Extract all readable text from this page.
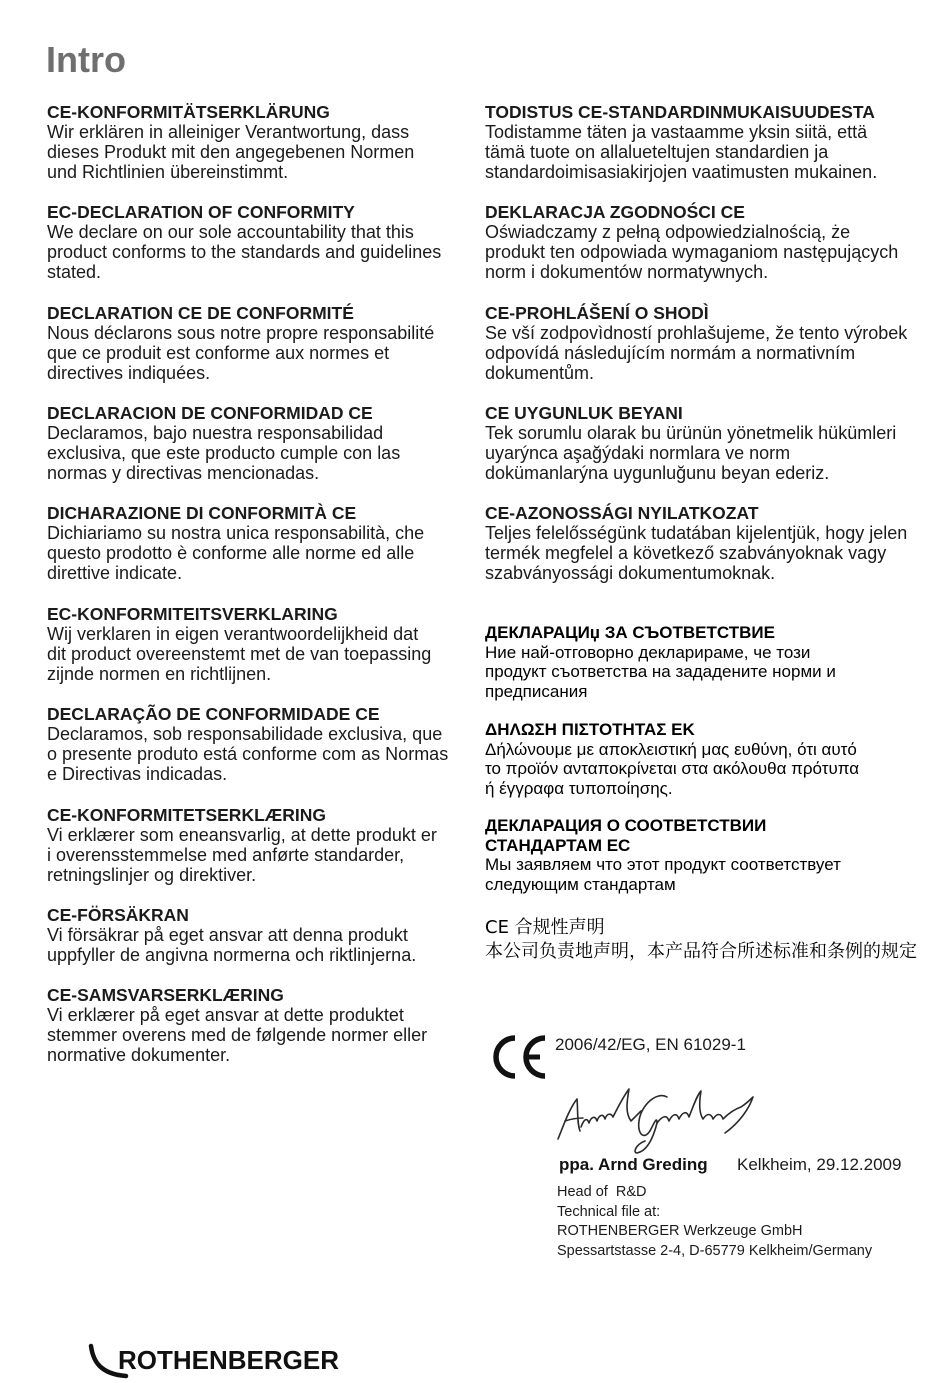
Intro
CE-KONFORMITÄTSERKLÄRUNG
Wir erklären in alleiniger Verantwortung, dass
dieses Produkt mit den angegebenen Normen
und Richtlinien übereinstimmt.
EC-DECLARATION OF CONFORMITY
We declare on our sole accountability that this
product conforms to the standards and guidelines
stated.
DECLARATION CE DE CONFORMITÉ
Nous déclarons sous notre propre responsabilité
que ce produit est conforme aux normes et
directives indiquées.
DECLARACION DE CONFORMIDAD CE
Declaramos, bajo nuestra responsabilidad
exclusiva, que este producto cumple con las
normas y directivas mencionadas.
DICHARAZIONE DI CONFORMITÀ CE
Dichiariamo su nostra unica responsabilità, che
questo prodotto è conforme alle norme ed alle
direttive indicate.
EC-KONFORMITEITSVERKLARING
Wij verklaren in eigen verantwoordelijkheid dat
dit product overeenstemt met de van toepassing
zijnde normen en richtlijnen.
DECLARAÇÃO DE CONFORMIDADE CE
Declaramos, sob responsabilidade exclusiva, que
o presente produto está conforme com as Normas
e Directivas indicadas.
CE-KONFORMITETSERKLÆRING
Vi erklærer som eneansvarlig, at dette produkt er
i overensstemmelse med anførte standarder,
retningslinjer og direktiver.
CE-FÖRSÄKRAN
Vi försäkrar på eget ansvar att denna produkt
uppfyller de angivna normerna och riktlinjerna.
CE-SAMSVARSERKLÆRING
Vi erklærer på eget ansvar at dette produktet
stemmer overens med de følgende normer eller
normative dokumenter.
TODISTUS CE-STANDARDINMUKAISUUDESTA
Todistamme täten ja vastaamme yksin siitä, että
tämä tuote on allalueteltujen standardien ja
standardoimisasiakirjojen vaatimusten mukainen.
DEKLARACJA ZGODNOŚCI CE
Oświadczamy z pełną odpowiedzialnością, że
produkt ten odpowiada wymaganiom następujących
norm i dokumentów normatywnych.
CE-PROHLÁŠENÍ O SHODÌ
Se vší zodpovìdností prohlašujeme, že tento výrobek
odpovídá následujícím normám a normativním
dokumentům.
CE UYGUNLUK BEYANI
Tek sorumlu olarak bu ürünün yönetmelik hükümleri
uyarýnca aşağýdaki normlara ve norm
dokümanlarýna uygunluğunu beyan ederiz.
CE-AZONOSSÁGI NYILATKOZAT
Teljes felelősségünk tudatában kijelentjük, hogy jelen
termék megfelel a következő szabványoknak vagy
szabványossági dokumentumoknak.
ДЕКЛАРАЦИџ ЗА СЪОТВЕТСТВИЕ
Ние най-отговорно декларираме, че този
продукт съответства на зададените норми и
предписания
ΔΗΛΩΣΗ ΠΙΣΤΟΤΗΤΑΣ ΕΚ
Δήλώνουμε με αποκλειστική μας ευθύνη, ότι αυτό
το προϊόν ανταποκρίνεται στα ακόλουθα πρότυπα
ή έγγραφα τυποποίησης.
ДЕКЛАРАЦИЯ О СООТВЕТСТВИИ
СТАНДАРТАМ ЕС
Мы заявляем что этот продукт соответствует
следующим стандартам
CE 合规性声明
本公司负责地声明，本产品符合所述标准和条例的规定
2006/42/EG, EN 61029-1
ppa. Arnd Greding Kelkheim, 29.12.2009
Head of  R&D
Technical file at:
ROTHENBERGER Werkzeuge GmbH
Spessartstasse 2-4, D-65779 Kelkheim/Germany
ROTHENBERGER
